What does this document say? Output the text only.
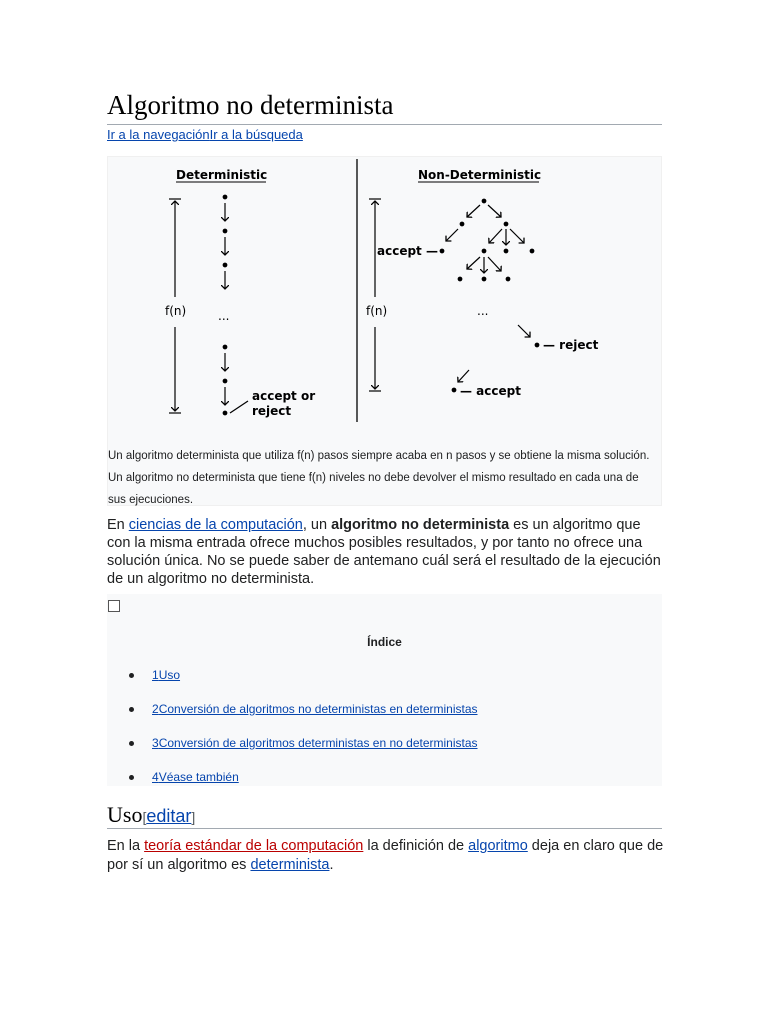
Algoritmo no determinista
Ir a la navegaciónIr a la búsqueda
Deterministic	Non-Deterministic
f(n)	...
accept or
reject
f(n)
accept —
...
— reject
— accept
Un algoritmo determinista que utiliza f(n) pasos siempre acaba en n pasos y se obtiene la misma solución. Un algoritmo no determinista que tiene f(n) niveles no debe devolver el mismo resultado en cada una de sus ejecuciones.

En ciencias de la computación, un algoritmo no determinista es un algoritmo que con la misma entrada ofrece muchos posibles resultados, y por tanto no ofrece una solución única. No se puede saber de antemano cuál será el resultado de la ejecución de un algoritmo no determinista.

Índice
1Uso
2Conversión de algoritmos no deterministas en deterministas
3Conversión de algoritmos deterministas en no deterministas
4Véase también
Uso[editar]

En la teoría estándar de la computación la definición de algoritmo deja en claro que de por sí un algoritmo es determinista.
